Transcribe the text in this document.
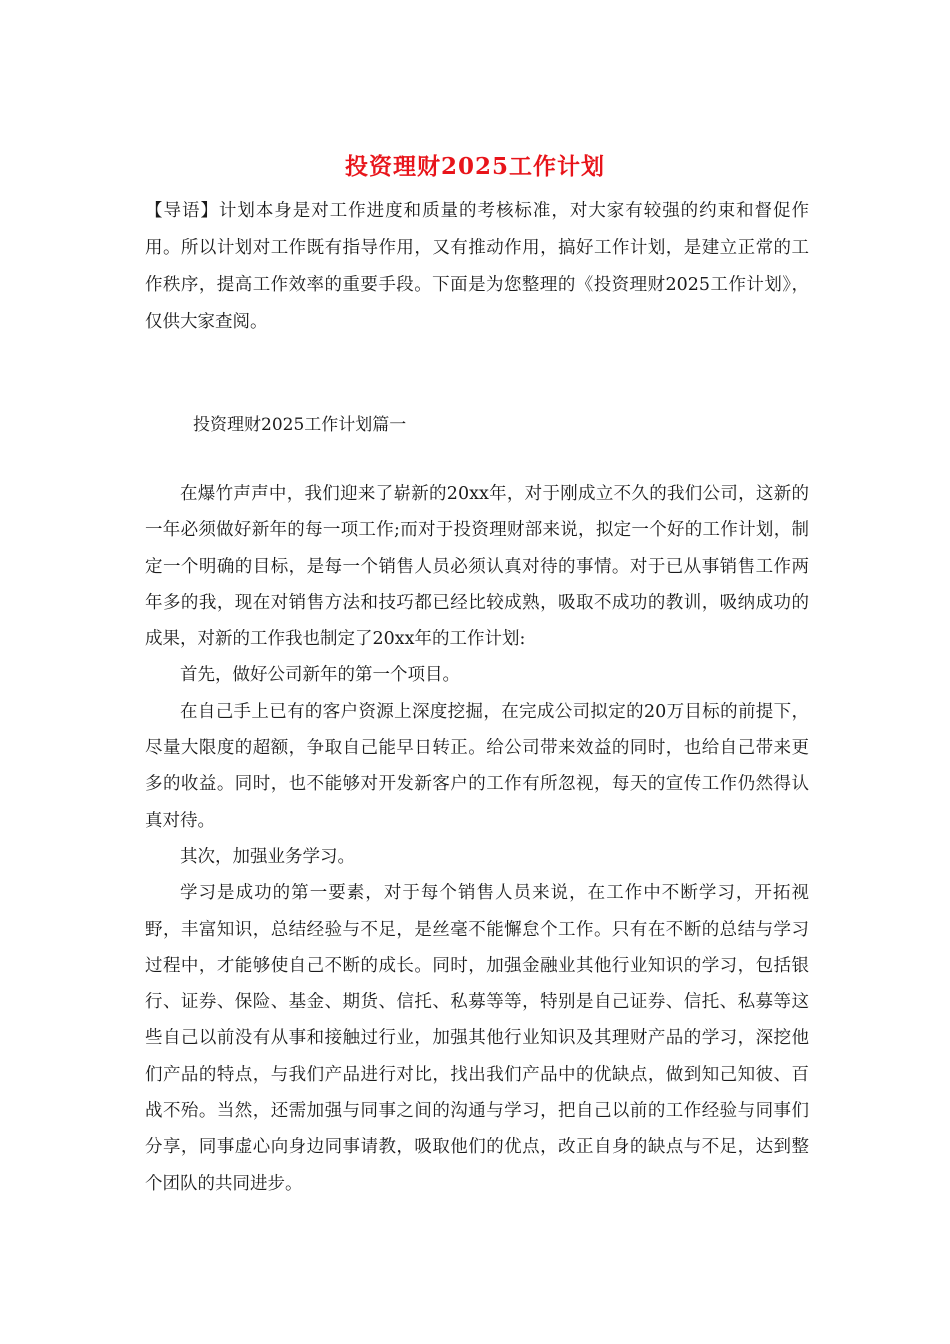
投资理财2025工作计划
【导语】计划本身是对工作进度和质量的考核标准，对大家有较强的约束和督促作用。所以计划对工作既有指导作用，又有推动作用，搞好工作计划，是建立正常的工作秩序，提高工作效率的重要手段。下面是为您整理的《投资理财2025工作计划》，仅供大家查阅。
投资理财2025工作计划篇一

在爆竹声声中，我们迎来了崭新的20xx年，对于刚成立不久的我们公司，这新的一年必须做好新年的每一项工作;而对于投资理财部来说，拟定一个好的工作计划，制定一个明确的目标，是每一个销售人员必须认真对待的事情。对于已从事销售工作两年多的我，现在对销售方法和技巧都已经比较成熟，吸取不成功的教训，吸纳成功的成果，对新的工作我也制定了20xx年的工作计划:

首先，做好公司新年的第一个项目。

在自己手上已有的客户资源上深度挖掘，在完成公司拟定的20万目标的前提下，尽量大限度的超额，争取自己能早日转正。给公司带来效益的同时，也给自己带来更多的收益。同时，也不能够对开发新客户的工作有所忽视，每天的宣传工作仍然得认真对待。

其次，加强业务学习。

学习是成功的第一要素，对于每个销售人员来说，在工作中不断学习，开拓视野，丰富知识，总结经验与不足，是丝毫不能懈怠个工作。只有在不断的总结与学习过程中，才能够使自己不断的成长。同时，加强金融业其他行业知识的学习，包括银行、证券、保险、基金、期货、信托、私募等等，特别是自己证券、信托、私募等这些自己以前没有从事和接触过行业，加强其他行业知识及其理财产品的学习，深挖他们产品的特点，与我们产品进行对比，找出我们产品中的优缺点，做到知己知彼、百战不殆。当然，还需加强与同事之间的沟通与学习，把自己以前的工作经验与同事们分享，同事虚心向身边同事请教，吸取他们的优点，改正自身的缺点与不足，达到整个团队的共同进步。
